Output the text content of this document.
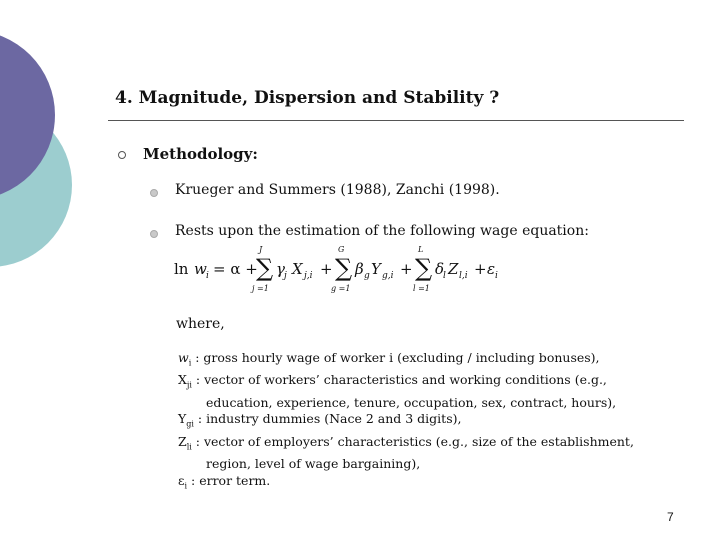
4. Magnitude, Dispersion and Stability ?
Methodology:
Krueger and Summers (1988), Zanchi (1998).
Rests upon the estimation of the following wage equation:
ln w i = α +
J
∑
j =1
γ j X j,i +
G
∑
g =1
β g Y g,i +
L
∑
l =1
δ
l Z l,i + ε i
where,
$w_i$ : gross hourly wage of worker i (excluding / including bonuses),
$X_{ji}$ : vector of workers’ characteristics and working conditions (e.g.,
education, experience, tenure, occupation, sex, contract, hours),
$Y_{gi}$ : industry dummies (Nace 2 and 3 digits),
$Z_{li}$ : vector of employers’ characteristics (e.g., size of the establishment,
region, level of wage bargaining),
$\varepsilon_i$ : error term.
7
